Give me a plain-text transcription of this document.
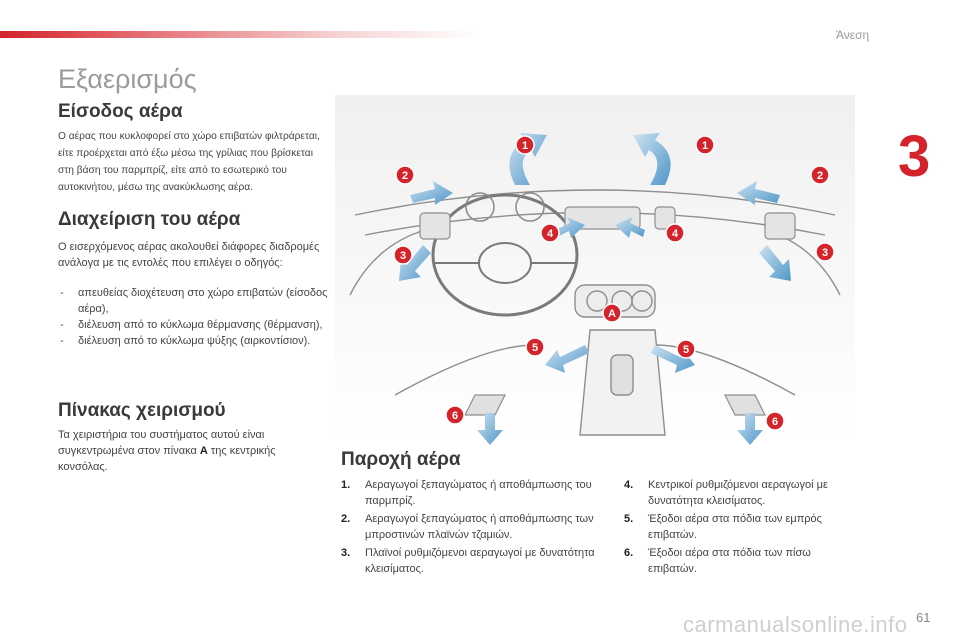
Άνεση
3
Εξαερισμός
Είσοδος αέρα
Ο αέρας που κυκλοφορεί στο χώρο επιβατών φιλτράρεται, είτε προέρχεται από έξω μέσω της γρίλιας που βρίσκεται στη βάση του παρμπρίζ, είτε από το εσωτερικό του αυτοκινήτου, μέσω της ανακύκλωσης αέρα.
Διαχείριση του αέρα
Ο εισερχόμενος αέρας ακολουθεί διάφορες διαδρομές ανάλογα με τις εντολές που επιλέγει ο οδηγός:
- απευθείας διοχέτευση στο χώρο επιβατών (είσοδος αέρα),
- διέλευση από το κύκλωμα θέρμανσης (θέρμανση),
- διέλευση από το κύκλωμα ψύξης (αιρκοντίσιον).
Πίνακας χειρισμού
Τα χειριστήρια του συστήματος αυτού είναι συγκεντρωμένα στον πίνακα A της κεντρικής κονσόλας.
1	1
2	2
3	3
4	4
A
5	5
6	6
Παροχή αέρα
1. Αεραγωγοί ξεπαγώματος ή αποθάμπωσης του παρμπρίζ.
2. Αεραγωγοί ξεπαγώματος ή αποθάμπωσης των μπροστινών πλαϊνών τζαμιών.
3. Πλαϊνοί ρυθμιζόμενοι αεραγωγοί με δυνατότητα κλεισίματος.
4. Κεντρικοί ρυθμιζόμενοι αεραγωγοί με δυνατότητα κλεισίματος.
5. Έξοδοι αέρα στα πόδια των εμπρός επιβατών.
6. Έξοδοι αέρα στα πόδια των πίσω επιβατών.
carmanualsonline.info 61
